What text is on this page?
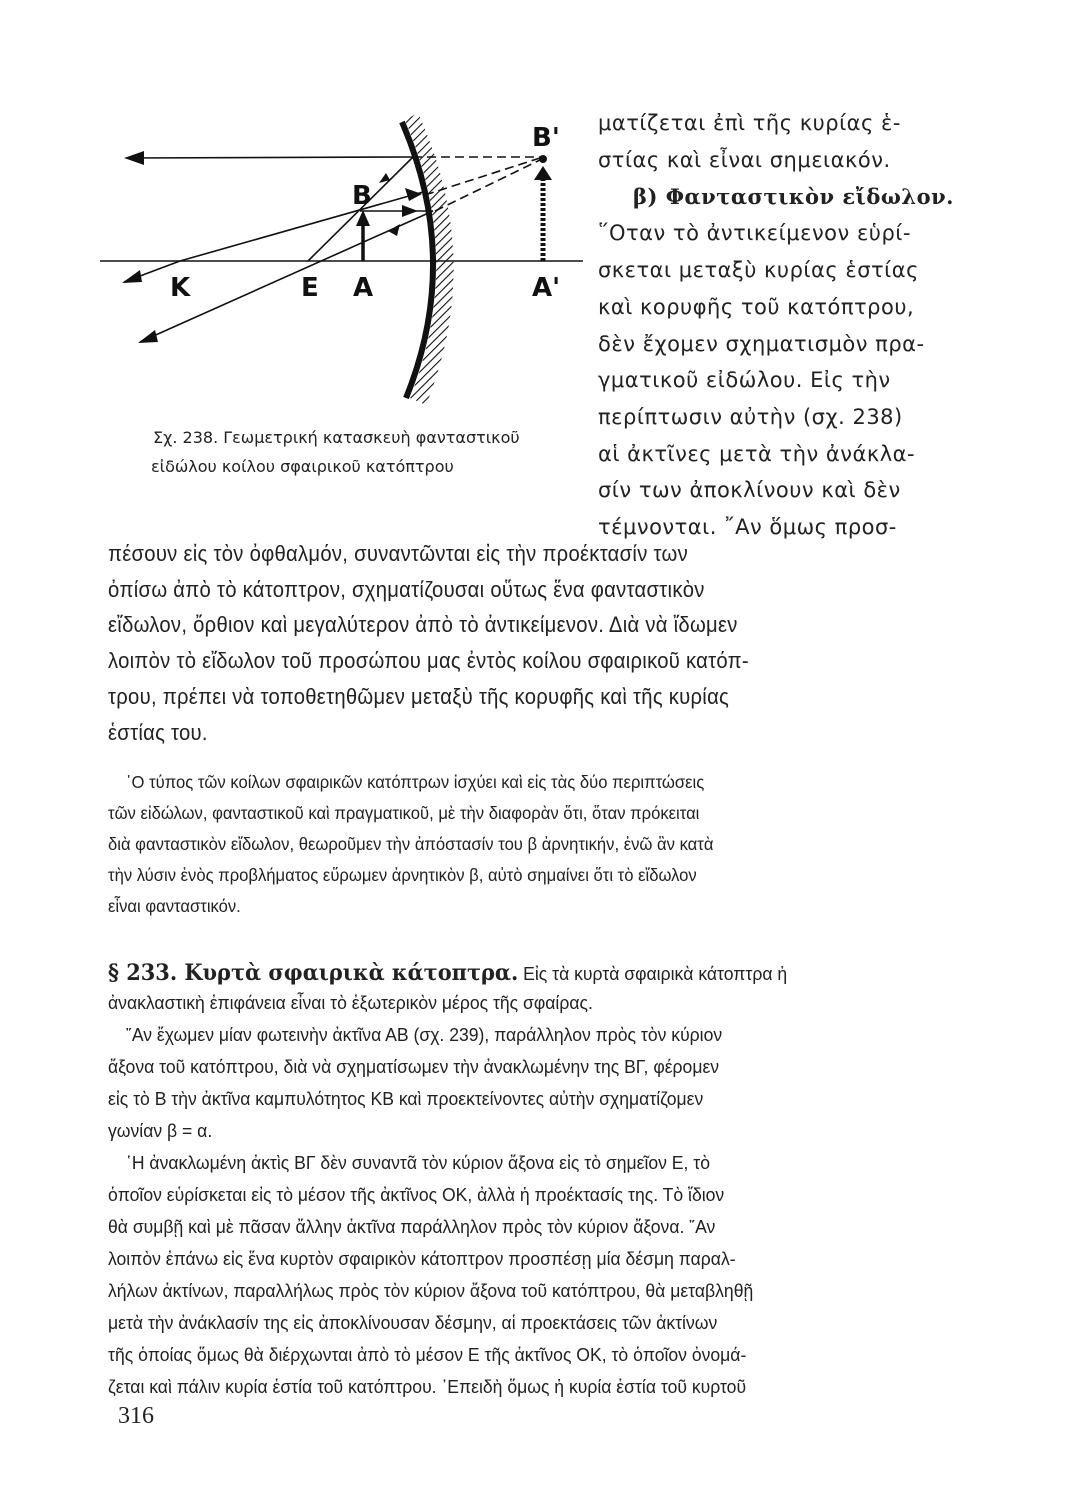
K	E A
B
A'
B'
Σχ. 238. Γεωμετρική κατασκευὴ φανταστικοῦ
εἰδώλου κοίλου σφαιρικοῦ κατόπτρου
ματίζεται ἐπὶ τῆς κυρίας ἑ-
στίας καὶ εἶναι σημειακόν.
β) Φανταστικὸν εἴδωλον.
῞Οταν τὸ ἀντικείμενον εὑρί-
σκεται μεταξὺ κυρίας ἑστίας
καὶ κορυφῆς τοῦ κατόπτρου,
δὲν ἔχομεν σχηματισμὸν πρα-
γματικοῦ εἰδώλου. Εἰς τὴν
περίπτωσιν αὐτὴν (σχ. 238)
αἱ ἀκτῖνες μετὰ τὴν ἀνάκλα-
σίν των ἀποκλίνουν καὶ δὲν
τέμνονται. ῎Αν ὅμως προσ-
πέσουν εἰς τὸν ὀφθαλμόν, συναντῶνται εἰς τὴν προέκτασίν των
ὀπίσω ἀπὸ τὸ κάτοπτρον, σχηματίζουσαι οὕτως ἕνα φανταστικὸν
εἴδωλον, ὄρθιον καὶ μεγαλύτερον ἀπὸ τὸ ἀντικείμενον. Διὰ νὰ ἴδωμεν
λοιπὸν τὸ εἴδωλον τοῦ προσώπου μας ἐντὸς κοίλου σφαιρικοῦ κατόπ-
τρου, πρέπει νὰ τοποθετηθῶμεν μεταξὺ τῆς κορυφῆς καὶ τῆς κυρίας
ἑστίας του.
῾Ο τύπος τῶν κοίλων σφαιρικῶν κατόπτρων ἰσχύει καὶ εἰς τὰς δύο περιπτώσεις
τῶν εἰδώλων, φανταστικοῦ καὶ πραγματικοῦ, μὲ τὴν διαφορὰν ὅτι, ὅταν πρόκειται
διὰ φανταστικὸν εἴδωλον, θεωροῦμεν τὴν ἀπόστασίν του β ἀρνητικήν, ἐνῶ ἂν κατὰ
τὴν λύσιν ἑνὸς προβλήματος εὕρωμεν ἀρνητικὸν β, αὐτὸ σημαίνει ὅτι τὸ εἴδωλον
εἶναι φανταστικόν.
§ 233. Κυρτὰ σφαιρικὰ κάτοπτρα. Εἰς τὰ κυρτὰ σφαιρικὰ κάτοπτρα ἡ
ἀνακλαστικὴ ἐπιφάνεια εἶναι τὸ ἐξωτερικὸν μέρος τῆς σφαίρας.
῎Αν ἔχωμεν μίαν φωτεινὴν ἀκτῖνα ΑΒ (σχ. 239), παράλληλον πρὸς τὸν κύριον
ἄξονα τοῦ κατόπτρου, διὰ νὰ σχηματίσωμεν τὴν ἀνακλωμένην της ΒΓ, φέρομεν
εἰς τὸ Β τὴν ἀκτῖνα καμπυλότητος ΚΒ καὶ προεκτείνοντες αὐτὴν σχηματίζομεν
γωνίαν β = α.
῾Η ἀνακλωμένη ἀκτὶς ΒΓ δὲν συναντᾶ τὸν κύριον ἄξονα εἰς τὸ σημεῖον Ε, τὸ
ὁποῖον εὑρίσκεται εἰς τὸ μέσον τῆς ἀκτῖνος ΟΚ, ἀλλὰ ἡ προέκτασίς της. Τὸ ἴδιον
θὰ συμβῇ καὶ μὲ πᾶσαν ἄλλην ἀκτῖνα παράλληλον πρὸς τὸν κύριον ἄξονα. ῎Αν
λοιπὸν ἐπάνω εἰς ἕνα κυρτὸν σφαιρικὸν κάτοπτρον προσπέσῃ μία δέσμη παραλ-
λήλων ἀκτίνων, παραλλήλως πρὸς τὸν κύριον ἄξονα τοῦ κατόπτρου, θὰ μεταβληθῇ
μετὰ τὴν ἀνάκλασίν της εἰς ἀποκλίνουσαν δέσμην, αἱ προεκτάσεις τῶν ἀκτίνων
τῆς ὁποίας ὅμως θὰ διέρχωνται ἀπὸ τὸ μέσον Ε τῆς ἀκτῖνος ΟΚ, τὸ ὁποῖον ὀνομά-
ζεται καὶ πάλιν κυρία ἑστία τοῦ κατόπτρου. ᾿Επειδὴ ὅμως ἡ κυρία ἑστία τοῦ κυρτοῦ
316
